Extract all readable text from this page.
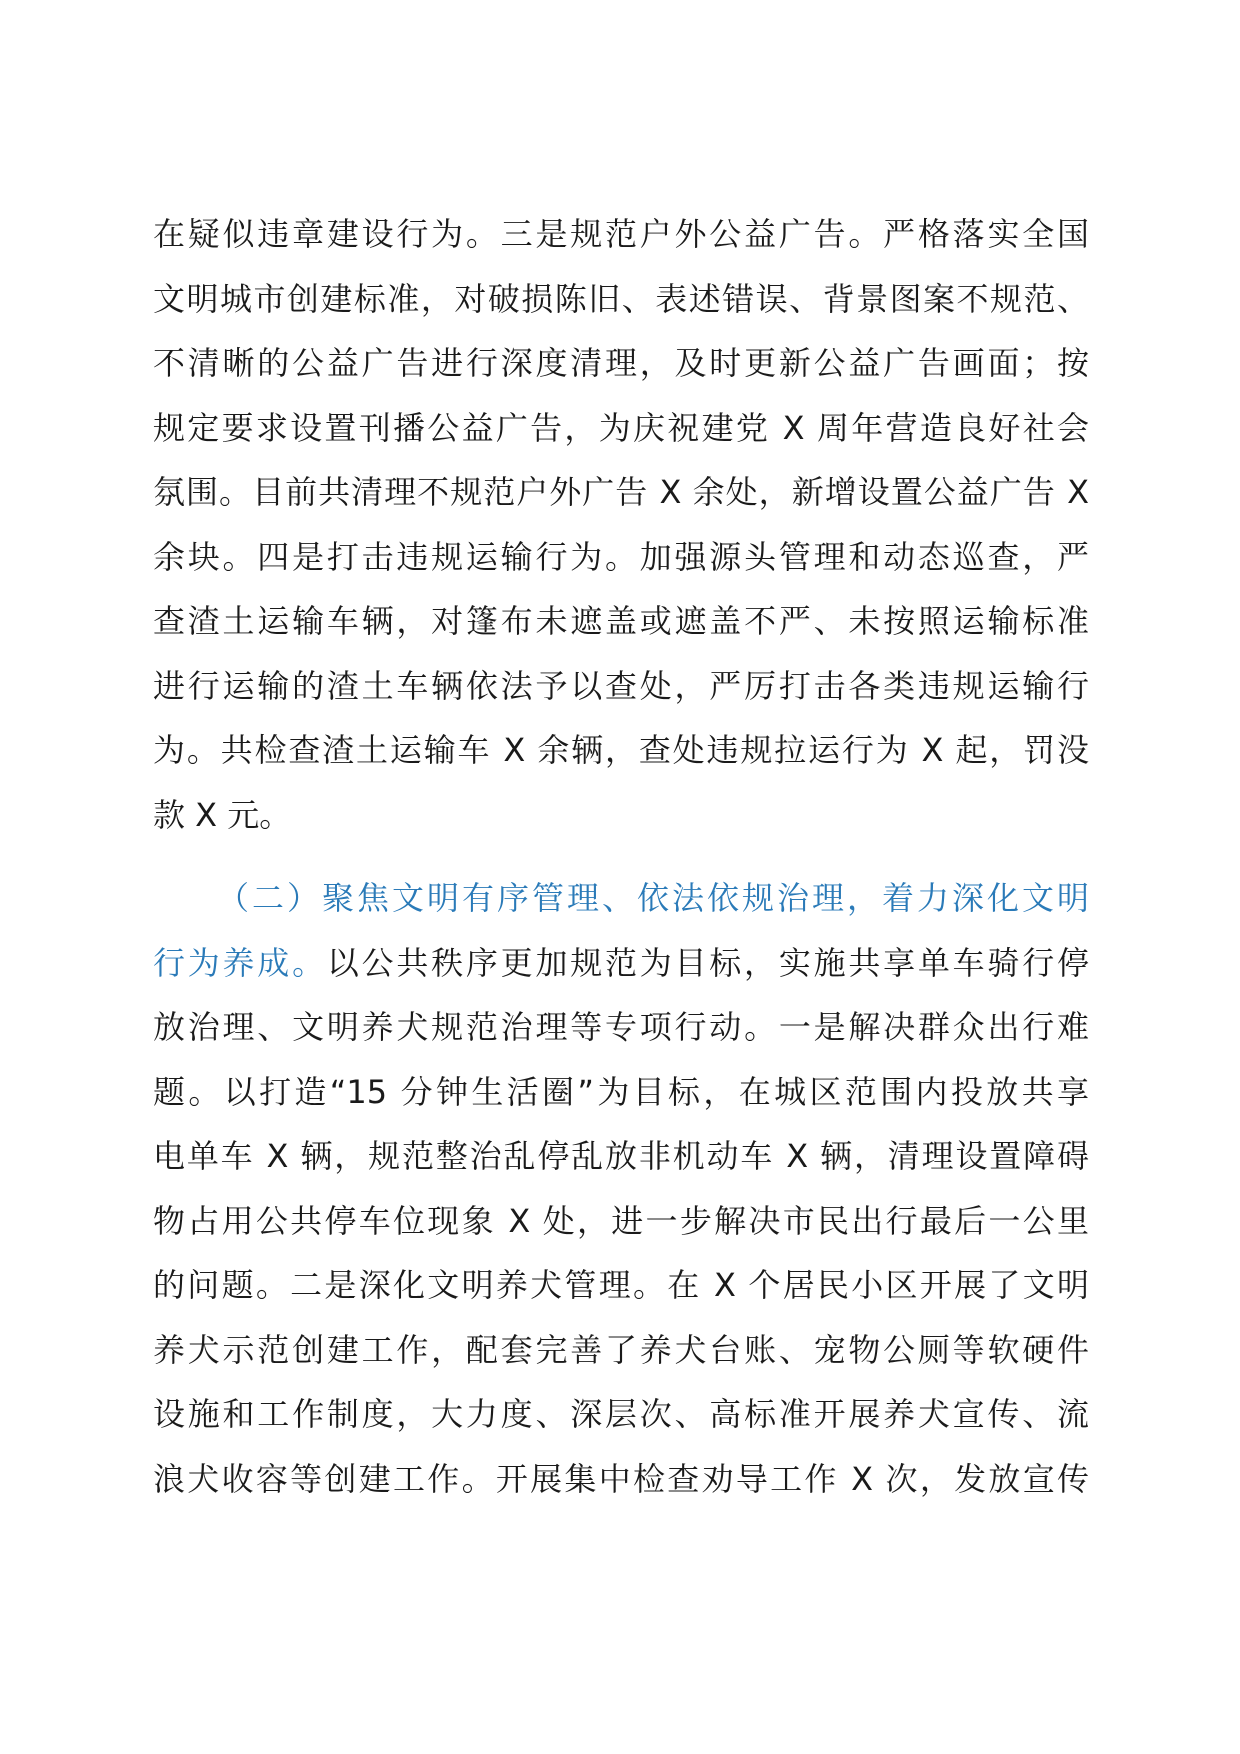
在疑似违章建设行为。三是规范户外公益广告。严格落实全国
文明城市创建标准，对破损陈旧、表述错误、背景图案不规范、
不清晰的公益广告进行深度清理，及时更新公益广告画面；按
规定要求设置刊播公益广告，为庆祝建党 X 周年营造良好社会
氛围。目前共清理不规范户外广告 X 余处，新增设置公益广告 X
余块。四是打击违规运输行为。加强源头管理和动态巡查，严
查渣土运输车辆，对篷布未遮盖或遮盖不严、未按照运输标准
进行运输的渣土车辆依法予以查处，严厉打击各类违规运输行
为。共检查渣土运输车 X 余辆，查处违规拉运行为 X 起，罚没
款 X 元。
（二）聚焦文明有序管理、依法依规治理，着力深化文明
行为养成。以公共秩序更加规范为目标，实施共享单车骑行停
放治理、文明养犬规范治理等专项行动。一是解决群众出行难
题。以打造“15 分钟生活圈”为目标，在城区范围内投放共享
电单车 X 辆，规范整治乱停乱放非机动车 X 辆，清理设置障碍
物占用公共停车位现象 X 处，进一步解决市民出行最后一公里
的问题。二是深化文明养犬管理。在 X 个居民小区开展了文明
养犬示范创建工作，配套完善了养犬台账、宠物公厕等软硬件
设施和工作制度，大力度、深层次、高标准开展养犬宣传、流
浪犬收容等创建工作。开展集中检查劝导工作 X 次，发放宣传
